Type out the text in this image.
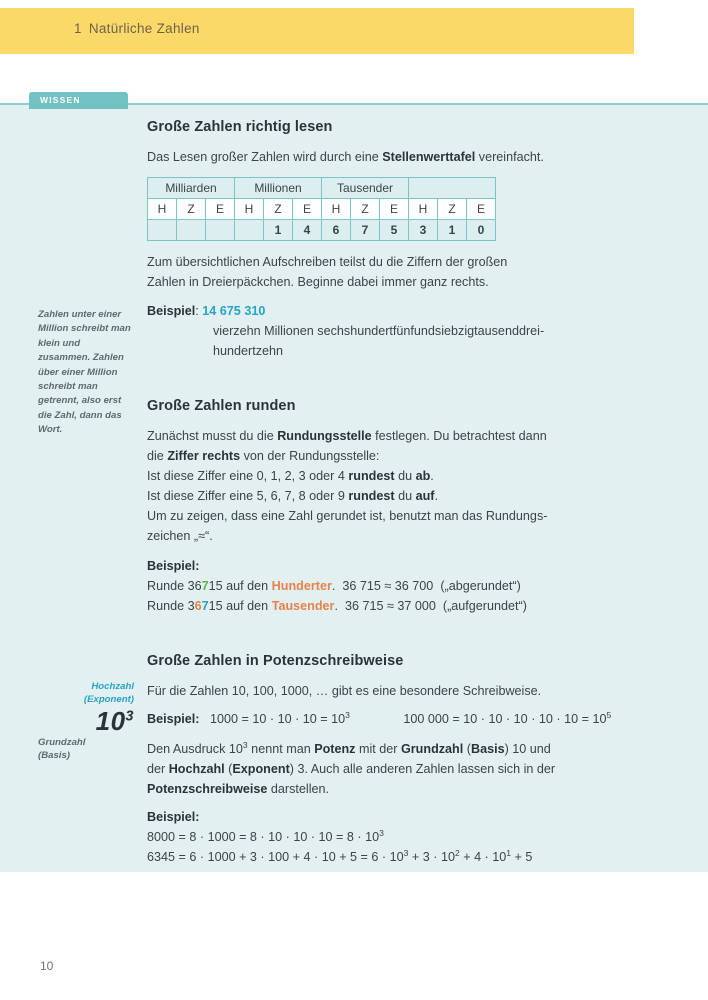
1 Natürliche Zahlen
WISSEN
Zahlen unter einer Million schreibt man klein und zusammen. Zahlen über einer Million schreibt man getrennt, also erst die Zahl, dann das Wort.
Hochzahl
(Exponent)
$10^3$
Grundzahl
(Basis)
Große Zahlen richtig lesen

Das Lesen großer Zahlen wird durch eine Stellenwerttafel vereinfacht.

Milliarden			Millionen			Tausender					
H	Z	E	H	Z	E	H	Z	E	H	Z	E
				1	4	6	7	5	3	1	0

Zum übersichtlichen Aufschreiben teilst du die Ziffern der großen
Zahlen in Dreierpäckchen. Beginne dabei immer ganz rechts.

Beispiel: 14 675 310

vierzehn Millionen sechshundertfünfundsiebzigtausenddrei-
hundertzehn

Große Zahlen runden

Zunächst musst du die Rundungsstelle festlegen. Du betrachtest dann
die Ziffer rechts von der Rundungsstelle:
Ist diese Ziffer eine 0, 1, 2, 3 oder 4 rundest du ab.
Ist diese Ziffer eine 5, 6, 7, 8 oder 9 rundest du auf.
Um zu zeigen, dass eine Zahl gerundet ist, benutzt man das Rundungs-
zeichen „≈“.

Beispiel:
Runde 36715 auf den Hunderter. 36 715 ≈ 36 700 („abgerundet“)
Runde 36715 auf den Tausender. 36 715 ≈ 37 000 („aufgerundet“)

Große Zahlen in Potenzschreibweise

Für die Zahlen 10, 100, 1000, … gibt es eine besondere Schreibweise.

Beispiel: $1000 = 10 \cdot 10 \cdot 10 = 10^3$	100 $000 = 10 \cdot 10 \cdot 10 \cdot 10 \cdot 10 = 10^5$

Den Ausdruck $10^3$ nennt man Potenz mit der Grundzahl (Basis) 10 und
der Hochzahl (Exponent) 3. Auch alle anderen Zahlen lassen sich in der
Potenzschreibweise darstellen.

Beispiel:
$8000 = 8 \cdot 1000 = 8 \cdot 10 \cdot 10 \cdot 10 = 8 \cdot 10^3$
$6345 = 6 \cdot 1000 + 3 \cdot 100 + 4 \cdot 10 + 5 = 6 \cdot 10^3 + 3 \cdot 10^2 + 4 \cdot 10^1 + 5$

10
